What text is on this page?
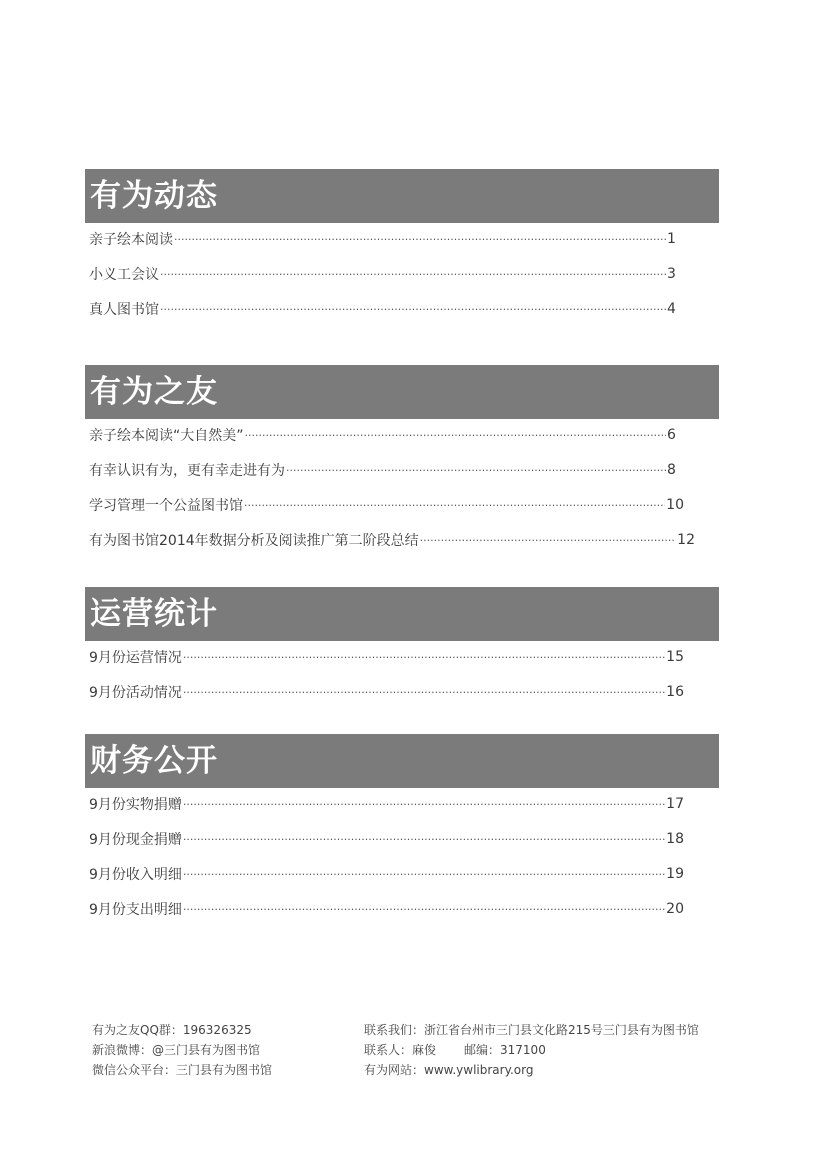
有为动态
亲子绘本阅读 ·····	1
小义工会议 ·····	3
真人图书馆 ·····	4
有为之友
亲子绘本阅读“大自然美” ·····	6
有幸认识有为，更有幸走进有为 ·····	8
学习管理一个公益图书馆 ·····	10
有为图书馆2014年数据分析及阅读推广第二阶段总结 ·····	12
运营统计
9月份运营情况 ·····	15
9月份活动情况 ·····	16
财务公开
9月份实物捐赠 ·····	17
9月份现金捐赠 ·····	18
9月份收入明细 ·····	19
9月份支出明细 ·····	20
有为之友QQ群：196326325
新浪微博：@三门县有为图书馆
微信公众平台：三门县有为图书馆
联系我们：浙江省台州市三门县文化路215号三门县有为图书馆
联系人：麻俊 邮编：317100
有为网站：www.ywlibrary.org
